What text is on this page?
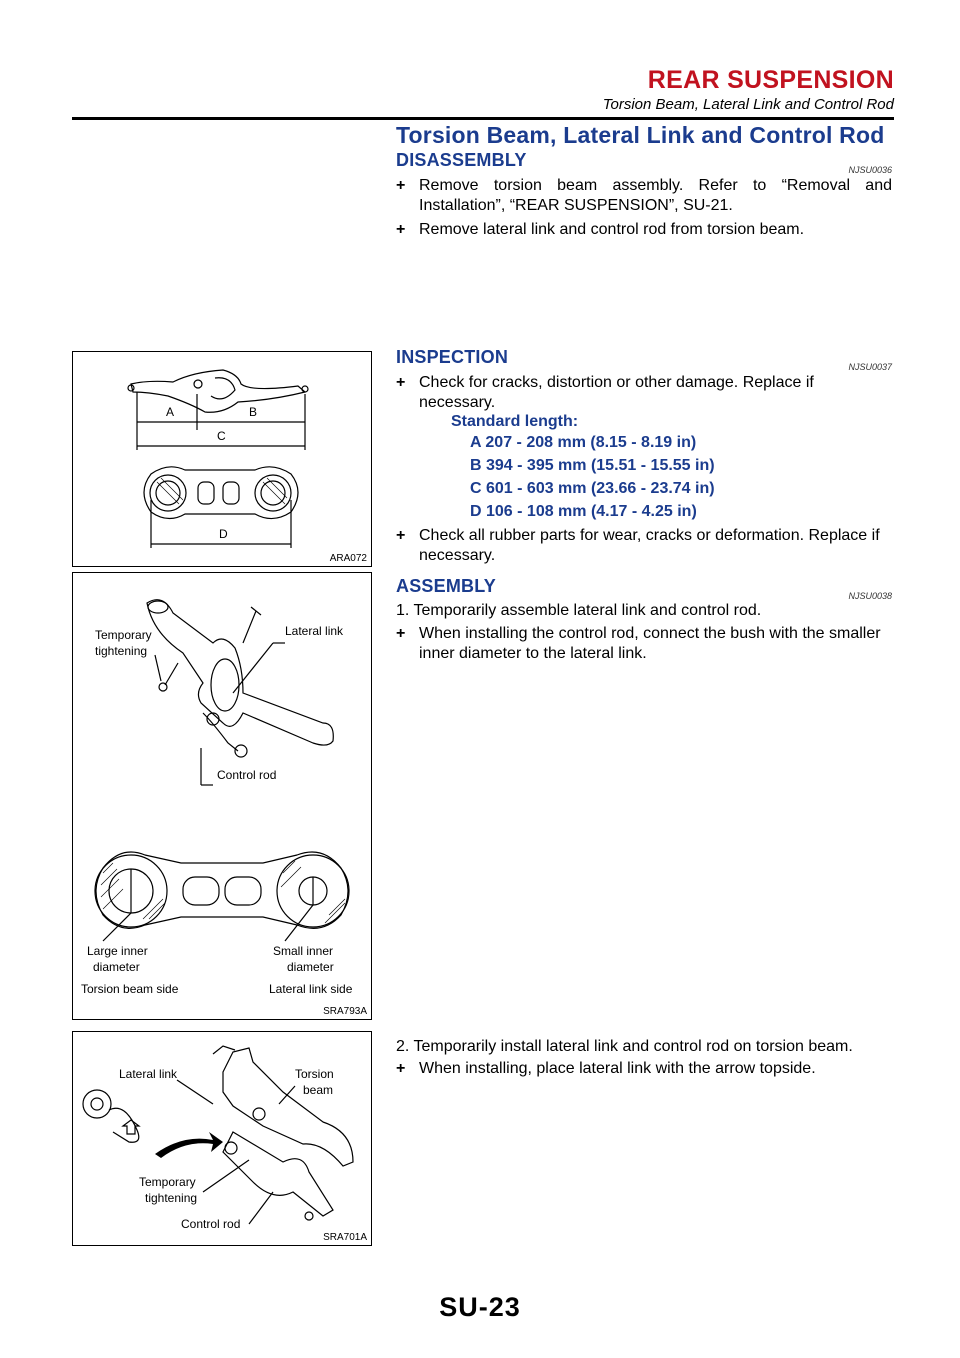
REAR SUSPENSION
Torsion Beam, Lateral Link and Control Rod
Torsion Beam, Lateral Link and Control Rod
DISASSEMBLY	NJSU0036
+ Remove torsion beam assembly. Refer to “Removal and Installation”, “REAR SUSPENSION”, SU-21.
+ Remove lateral link and control rod from torsion beam.
A	B
C
D
ARA072
INSPECTION	NJSU0037
+ Check for cracks, distortion or other damage. Replace if necessary.
Standard length:
A 207 - 208 mm (8.15 - 8.19 in)
B 394 - 395 mm (15.51 - 15.55 in)
C 601 - 603 mm (23.66 - 23.74 in)
D 106 - 108 mm (4.17 - 4.25 in)
+ Check all rubber parts for wear, cracks or deformation. Replace if necessary.
Temporary
tightening
Lateral link
Control rod
Large inner
diameter
Small inner
diameter
Torsion beam side	Lateral link side
SRA793A
ASSEMBLY	NJSU0038
1. Temporarily assemble lateral link and control rod.
+ When installing the control rod, connect the bush with the smaller inner diameter to the lateral link.
Lateral link	Torsion
beam
Temporary
tightening
Control rod
SRA701A
2. Temporarily install lateral link and control rod on torsion beam.
+ When installing, place lateral link with the arrow topside.
SU-23
